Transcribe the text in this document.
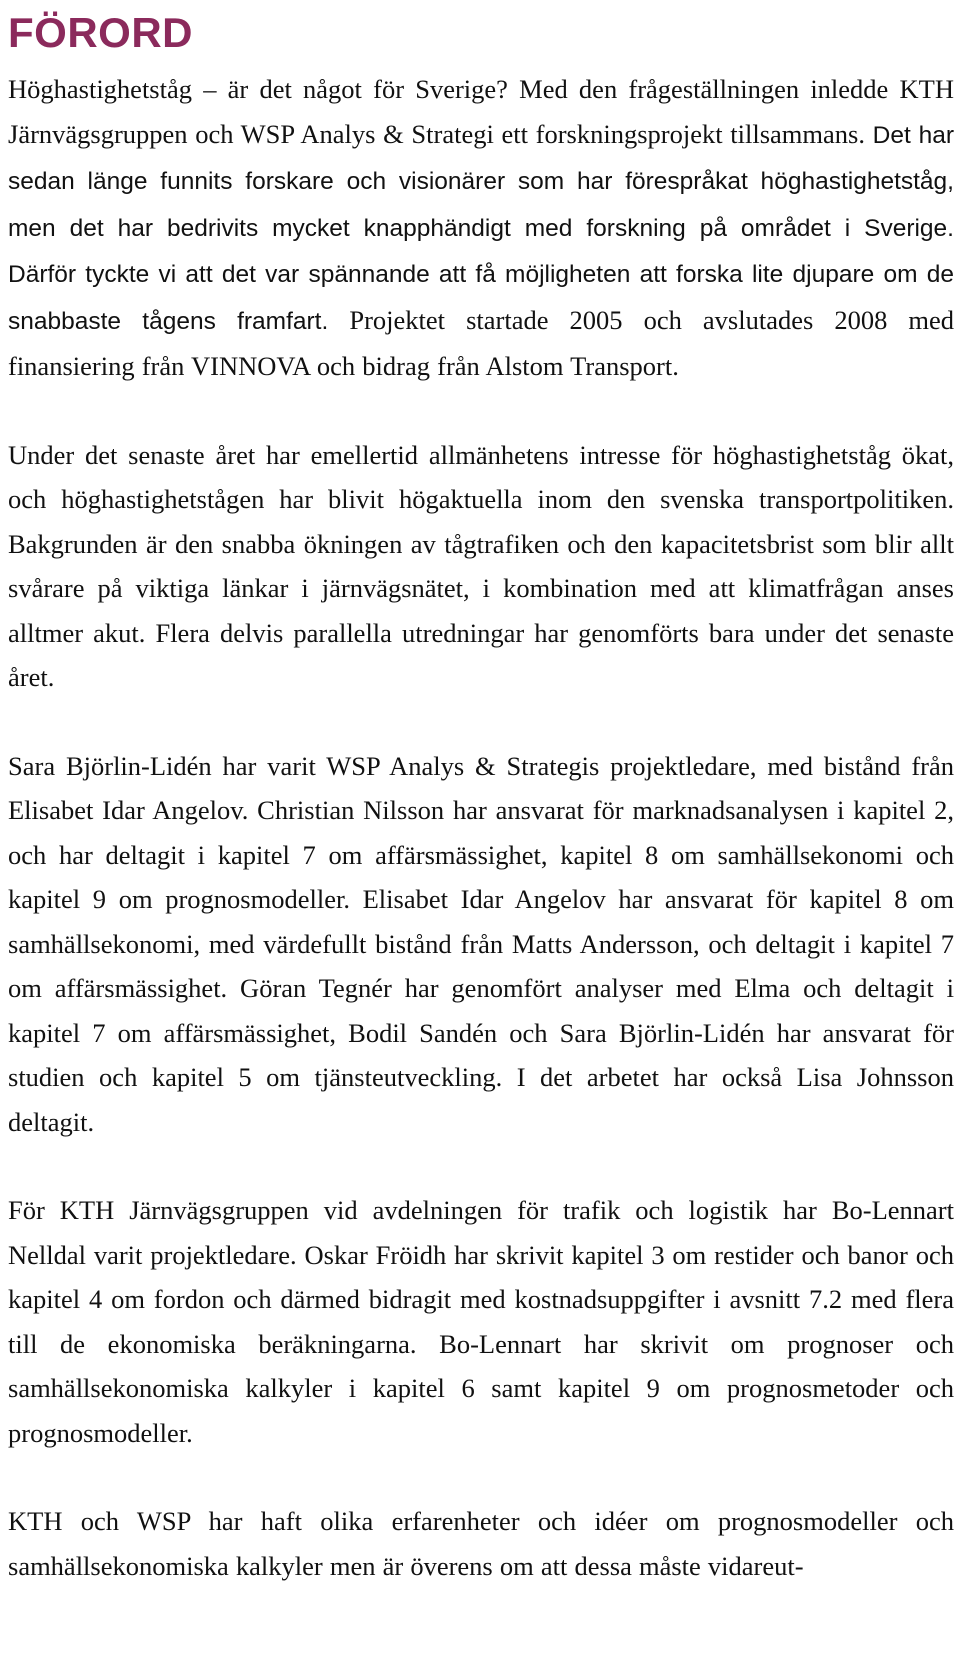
FÖRORD

Höghastighetståg – är det något för Sverige? Med den frågeställningen inledde KTH Järnvägsgruppen och WSP Analys & Strategi ett forskningsprojekt tillsammans. Det har sedan länge funnits forskare och visionärer som har förespråkat höghastighetståg, men det har bedrivits mycket knapphändigt med forskning på området i Sverige. Därför tyckte vi att det var spännande att få möjligheten att forska lite djupare om de snabbaste tågens framfart. Projektet startade 2005 och avslutades 2008 med finansiering från VINNOVA och bidrag från Alstom Transport.

Under det senaste året har emellertid allmänhetens intresse för höghastighetståg ökat, och höghastighetstågen har blivit högaktuella inom den svenska transportpolitiken. Bakgrunden är den snabba ökningen av tågtrafiken och den kapacitetsbrist som blir allt svårare på viktiga länkar i järnvägsnätet, i kombination med att klimatfrågan anses alltmer akut. Flera delvis parallella utredningar har genomförts bara under det senaste året.

Sara Björlin-Lidén har varit WSP Analys & Strategis projektledare, med bistånd från Elisabet Idar Angelov. Christian Nilsson har ansvarat för marknadsanalysen i kapitel 2, och har deltagit i kapitel 7 om affärsmässighet, kapitel 8 om samhällsekonomi och kapitel 9 om prognosmodeller. Elisabet Idar Angelov har ansvarat för kapitel 8 om samhällsekonomi, med värdefullt bistånd från Matts Andersson, och deltagit i kapitel 7 om affärsmässighet. Göran Tegnér har genomfört analyser med Elma och deltagit i kapitel 7 om affärsmässighet, Bodil Sandén och Sara Björlin-Lidén har ansvarat för studien och kapitel 5 om tjänsteutveckling. I det arbetet har också Lisa Johnsson deltagit.

För KTH Järnvägsgruppen vid avdelningen för trafik och logistik har Bo-Lennart Nelldal varit projektledare. Oskar Fröidh har skrivit kapitel 3 om restider och banor och kapitel 4 om fordon och därmed bidragit med kostnadsuppgifter i avsnitt 7.2 med flera till de ekonomiska beräkningarna. Bo-Lennart har skrivit om prognoser och samhällsekonomiska kalkyler i kapitel 6 samt kapitel 9 om prognosmetoder och prognosmodeller.

KTH och WSP har haft olika erfarenheter och idéer om prognosmodeller och samhällsekonomiska kalkyler men är överens om att dessa måste vidareut-
